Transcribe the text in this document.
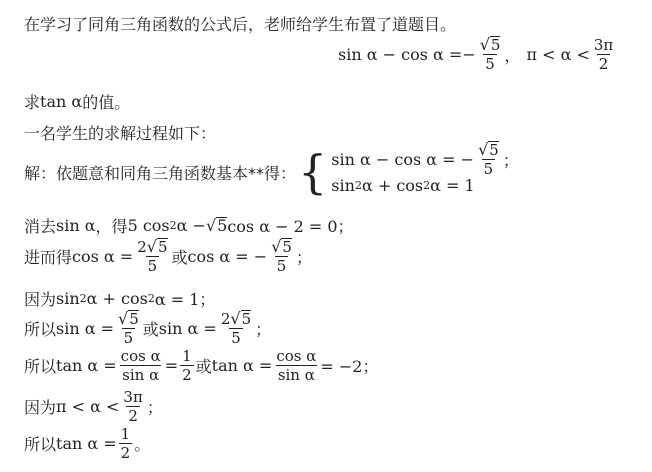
在学习了同角三角函数的公式后，老师给学生布置了道题目。
$\sin \alpha - \cos \alpha =- \frac{√ 5}{5}$ ， $\pi < \alpha < \frac{3\pi}{2}$
求 tan α 的值。
一名学生的求解过程如下：
解：依题意和同角三角函数基本**得： { sin α − cos α = − $\frac{√ 5}{5}$ ；
sin 2 α + cos 2 α = 1
消去 sin α ，得 5 cos 2 α − √ 5 cos α − 2 = 0；
进而得 $\cos \alpha = \frac{2 √ 5}{5}$ 或 cos α = − $\frac{√ 5}{5}$ ；
因为 sin 2 α + cos 2 α = 1；
所以 $\sin \alpha = \frac{√ 5}{5}$ 或 $\sin \alpha = \frac{2 √ 5}{5}$ ；
所以 $\tan \alpha = \frac{\text{cos α}}{\text{sin α}} = \frac{1}{2}$ 或 $\tan \alpha = \frac{\text{cos α}}{\text{sin α}} = -2$；
因为 $\pi < \alpha < \frac{3\pi}{2}$ ；
所以 $\tan \alpha = \frac{1}{2}$ 。
